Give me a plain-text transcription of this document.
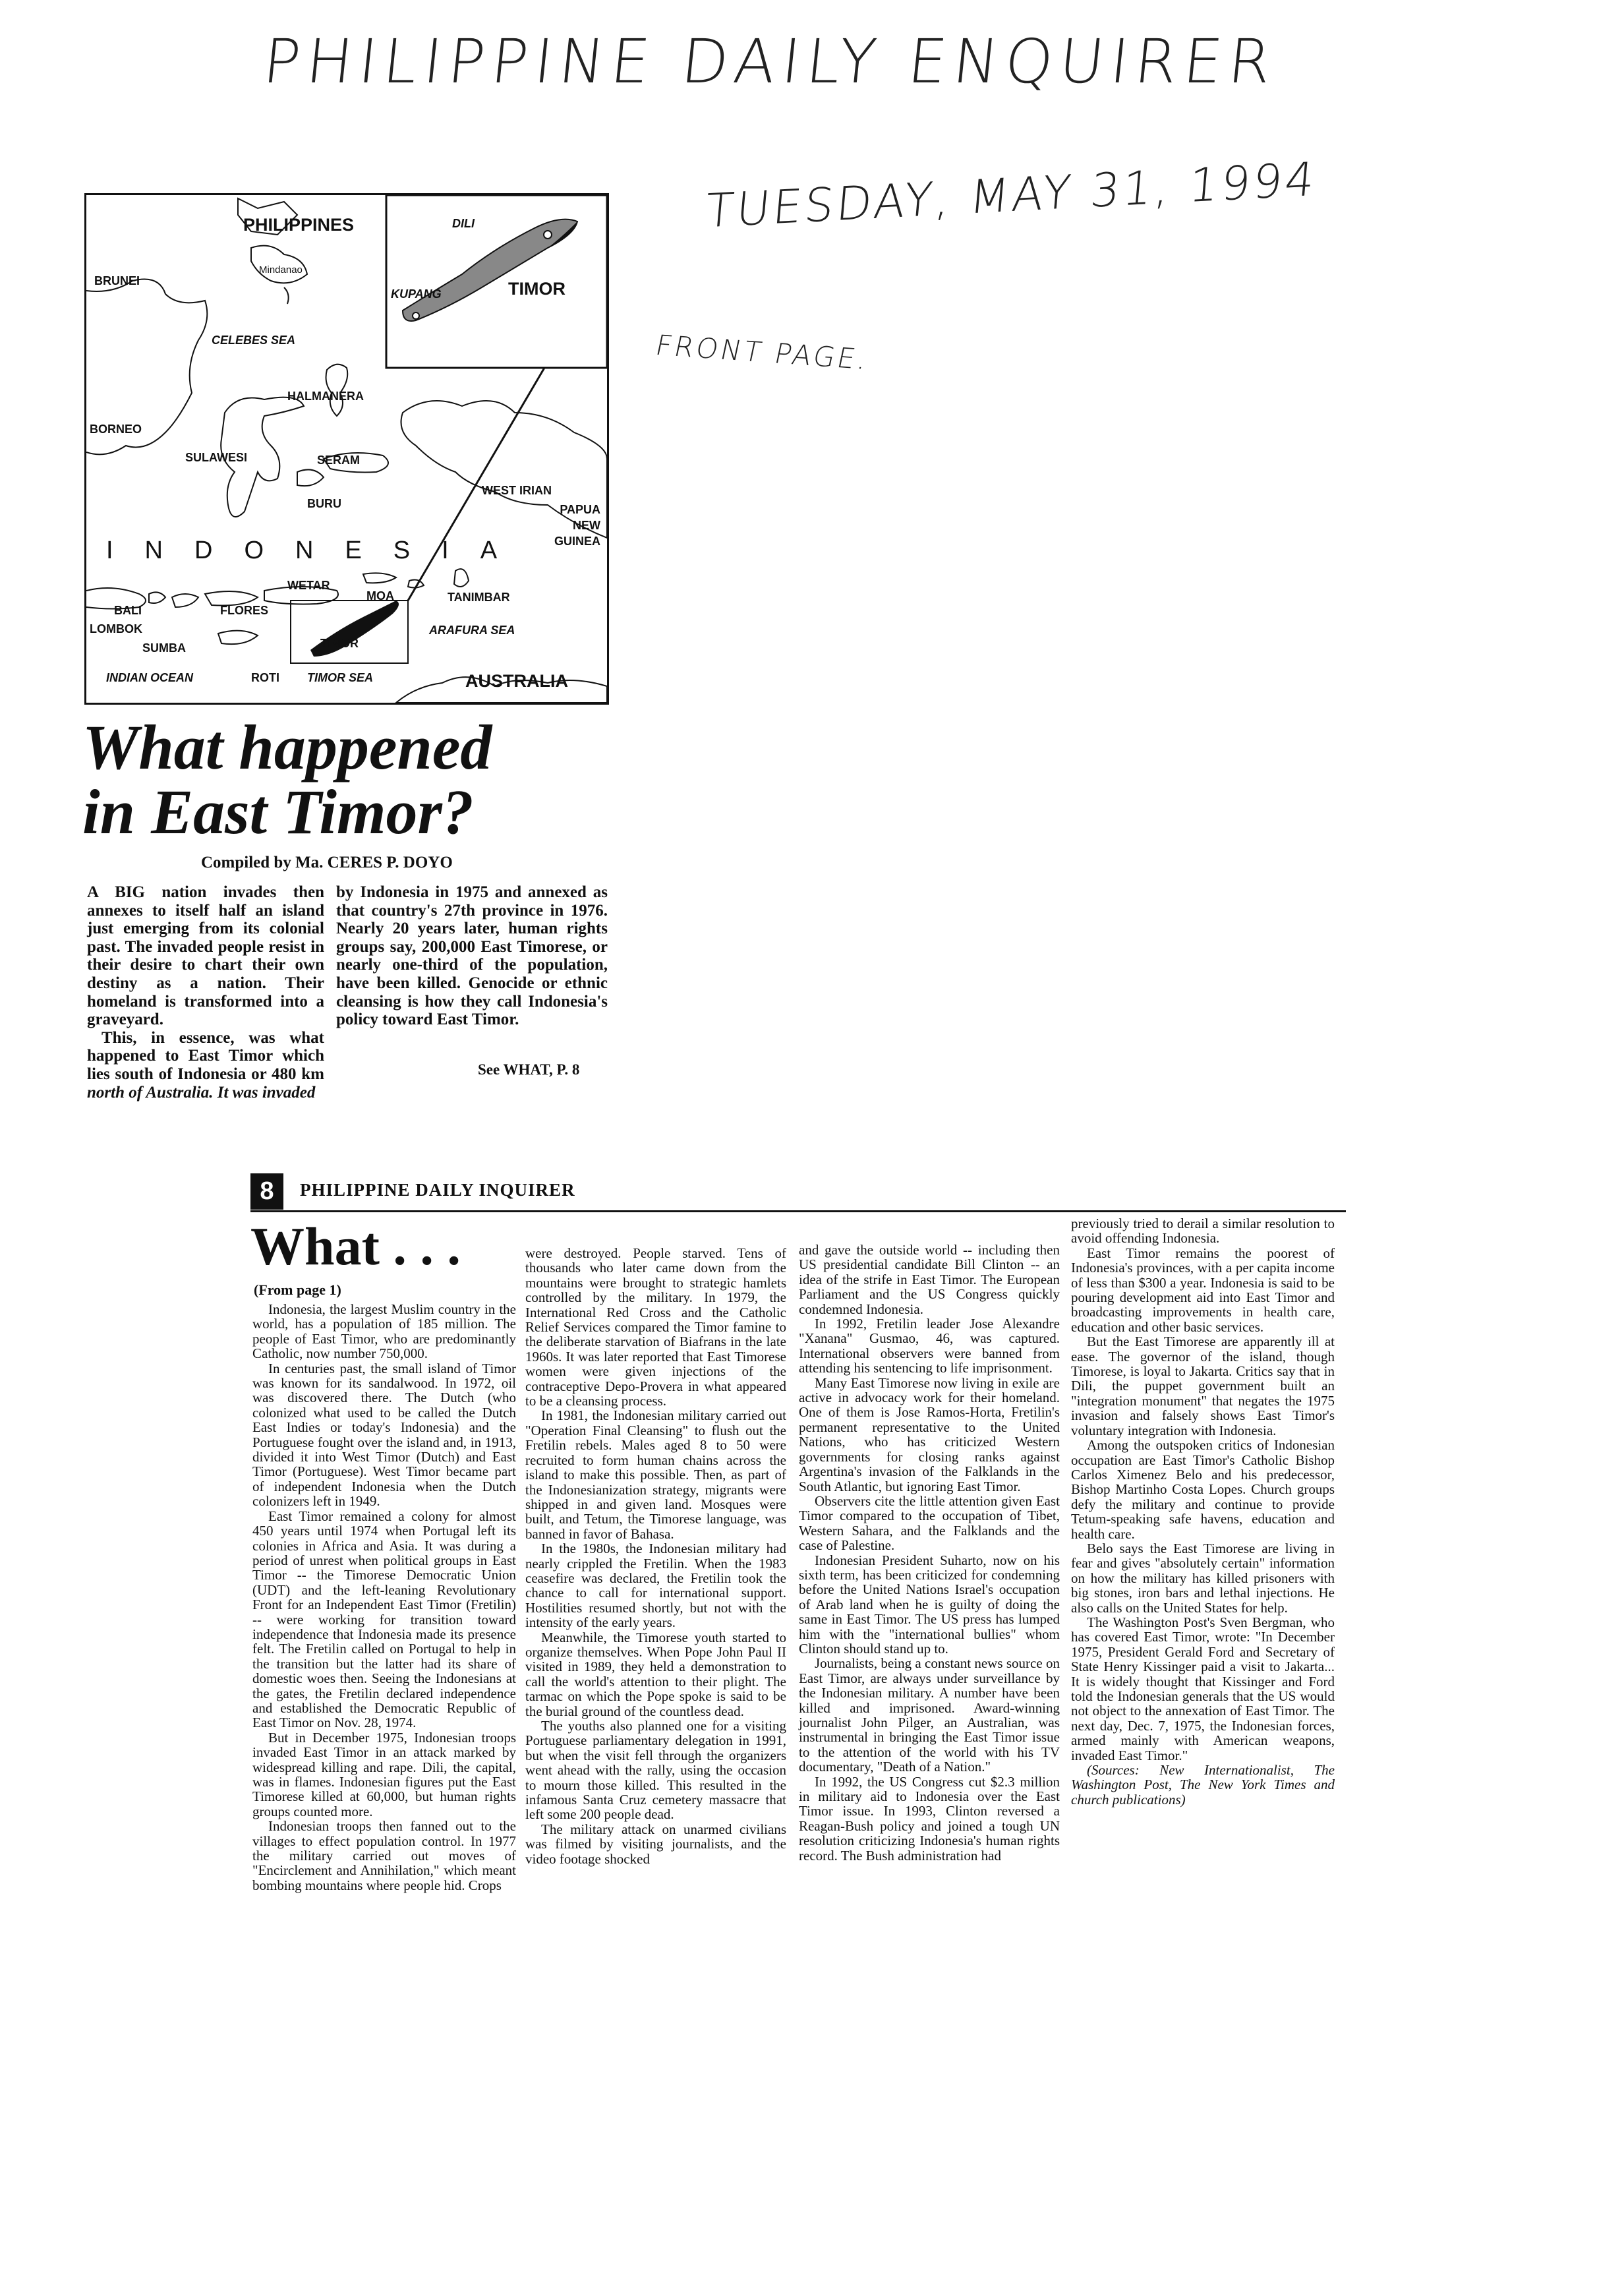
PHILIPPINE DAILY ENQUIRER
TUESDAY, MAY 31, 1994
FRONT PAGE.
PHILIPPINES
Mindanao
BRUNEI
CELEBES SEA
HALMANERA
BORNEO
SULAWESI	SERAM
BURU
WEST IRIAN
PAPUA NEW GUINEA
INDONESIA
BALI	FLORES
WETAR
MOA	TANIMBAR
LOMBOK
SUMBA	TIMOR
ARAFURA SEA
INDIAN OCEAN	ROTI TIMOR SEA	AUSTRALIA
DILI
KUPANG	TIMOR
What happened
in East Timor?
Compiled by Ma. CERES P. DOYO

A BIG nation invades then annexes to itself half an island just emerging from its colonial past. The invaded people resist in their desire to chart their own destiny as a nation. Their homeland is transformed into a graveyard.

This, in essence, was what happened to East Timor which lies south of Indonesia or 480 km north of Australia. It was invaded

by Indonesia in 1975 and annexed as that country's 27th province in 1976. Nearly 20 years later, human rights groups say, 200,000 East Timorese, or nearly one-third of the population, have been killed. Genocide or ethnic cleansing is how they call Indonesia's policy toward East Timor.

See WHAT, P. 8
8	PHILIPPINE DAILY INQUIRER
What . . .
(From page 1)

Indonesia, the largest Muslim country in the world, has a population of 185 million. The people of East Timor, who are predominantly Catholic, now number 750,000.

In centuries past, the small island of Timor was known for its sandalwood. In 1972, oil was discovered there. The Dutch (who colonized what used to be called the Dutch East Indies or today's Indonesia) and the Portuguese fought over the island and, in 1913, divided it into West Timor (Dutch) and East Timor (Portuguese). West Timor became part of independent Indonesia when the Dutch colonizers left in 1949.

East Timor remained a colony for almost 450 years until 1974 when Portugal left its colonies in Africa and Asia. It was during a period of unrest when political groups in East Timor -- the Timorese Democratic Union (UDT) and the left-leaning Revolutionary Front for an Independent East Timor (Fretilin) -- were working for transition toward independence that Indonesia made its presence felt. The Fretilin called on Portugal to help in the transition but the latter had its share of domestic woes then. Seeing the Indonesians at the gates, the Fretilin declared independence and established the Democratic Republic of East Timor on Nov. 28, 1974.

But in December 1975, Indonesian troops invaded East Timor in an attack marked by widespread killing and rape. Dili, the capital, was in flames. Indonesian figures put the East Timorese killed at 60,000, but human rights groups counted more.

Indonesian troops then fanned out to the villages to effect population control. In 1977 the military carried out moves of "Encirclement and Annihilation," which meant bombing mountains where people hid. Crops

were destroyed. People starved. Tens of thousands who later came down from the mountains were brought to strategic hamlets controlled by the military. In 1979, the International Red Cross and the Catholic Relief Services compared the Timor famine to the deliberate starvation of Biafrans in the late 1960s. It was later reported that East Timorese women were given injections of the contraceptive Depo-Provera in what appeared to be a cleansing process.

In 1981, the Indonesian military carried out "Operation Final Cleansing" to flush out the Fretilin rebels. Males aged 8 to 50 were recruited to form human chains across the island to make this possible. Then, as part of the Indonesianization strategy, migrants were shipped in and given land. Mosques were built, and Tetum, the Timorese language, was banned in favor of Bahasa.

In the 1980s, the Indonesian military had nearly crippled the Fretilin. When the 1983 ceasefire was declared, the Fretilin took the chance to call for international support. Hostilities resumed shortly, but not with the intensity of the early years.

Meanwhile, the Timorese youth started to organize themselves. When Pope John Paul II visited in 1989, they held a demonstration to call the world's attention to their plight. The tarmac on which the Pope spoke is said to be the burial ground of the countless dead.

The youths also planned one for a visiting Portuguese parliamentary delegation in 1991, but when the visit fell through the organizers went ahead with the rally, using the occasion to mourn those killed. This resulted in the infamous Santa Cruz cemetery massacre that left some 200 people dead.

The military attack on unarmed civilians was filmed by visiting journalists, and the video footage shocked

and gave the outside world -- including then US presidential candidate Bill Clinton -- an idea of the strife in East Timor. The European Parliament and the US Congress quickly condemned Indonesia.

In 1992, Fretilin leader Jose Alexandre "Xanana" Gusmao, 46, was captured. International observers were banned from attending his sentencing to life imprisonment.

Many East Timorese now living in exile are active in advocacy work for their homeland. One of them is Jose Ramos-Horta, Fretilin's permanent representative to the United Nations, who has criticized Western governments for closing ranks against Argentina's invasion of the Falklands in the South Atlantic, but ignoring East Timor.

Observers cite the little attention given East Timor compared to the occupation of Tibet, Western Sahara, and the Falklands and the case of Palestine.

Indonesian President Suharto, now on his sixth term, has been criticized for condemning before the United Nations Israel's occupation of Arab land when he is guilty of doing the same in East Timor. The US press has lumped him with the "international bullies" whom Clinton should stand up to.

Journalists, being a constant news source on East Timor, are always under surveillance by the Indonesian military. A number have been killed and imprisoned. Award-winning journalist John Pilger, an Australian, was instrumental in bringing the East Timor issue to the attention of the world with his TV documentary, "Death of a Nation."

In 1992, the US Congress cut $2.3 million in military aid to Indonesia over the East Timor issue. In 1993, Clinton reversed a Reagan-Bush policy and joined a tough UN resolution criticizing Indonesia's human rights record. The Bush administration had

previously tried to derail a similar resolution to avoid offending Indonesia.

East Timor remains the poorest of Indonesia's provinces, with a per capita income of less than $300 a year. Indonesia is said to be pouring development aid into East Timor and broadcasting improvements in health care, education and other basic services.

But the East Timorese are apparently ill at ease. The governor of the island, though Timorese, is loyal to Jakarta. Critics say that in Dili, the puppet government built an "integration monument" that negates the 1975 invasion and falsely shows East Timor's voluntary integration with Indonesia.

Among the outspoken critics of Indonesian occupation are East Timor's Catholic Bishop Carlos Ximenez Belo and his predecessor, Bishop Martinho Costa Lopes. Church groups defy the military and continue to provide Tetum-speaking safe havens, education and health care.

Belo says the East Timorese are living in fear and gives "absolutely certain" information on how the military has killed prisoners with big stones, iron bars and lethal injections. He also calls on the United States for help.

The Washington Post's Sven Bergman, who has covered East Timor, wrote: "In December 1975, President Gerald Ford and Secretary of State Henry Kissinger paid a visit to Jakarta... It is widely thought that Kissinger and Ford told the Indonesian generals that the US would not object to the annexation of East Timor. The next day, Dec. 7, 1975, the Indonesian forces, armed mainly with American weapons, invaded East Timor."

(Sources: New Internationalist, The Washington Post, The New York Times and church publications)
